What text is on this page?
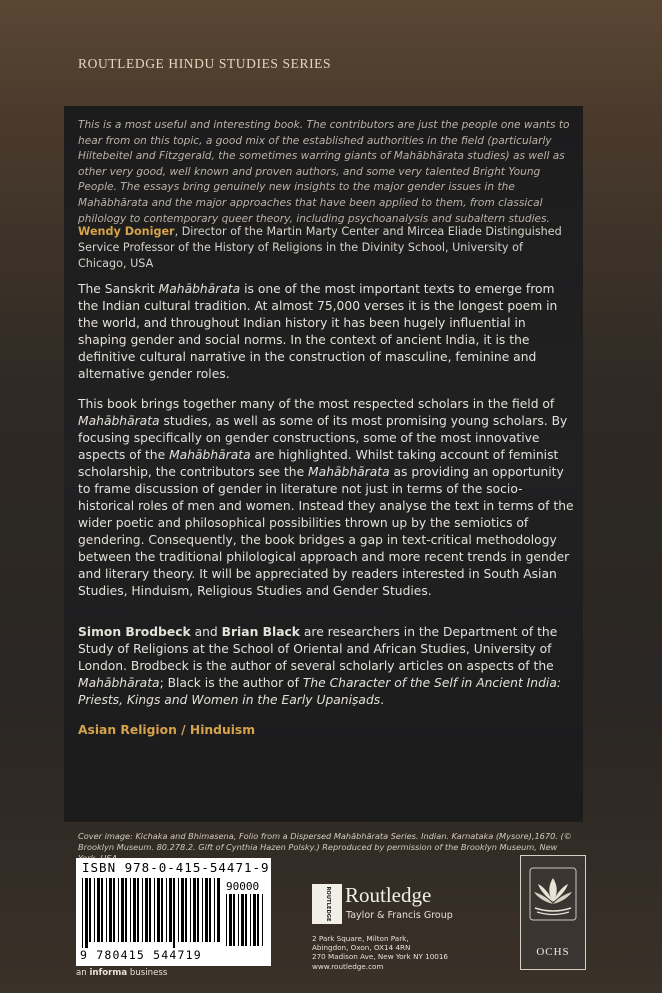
ROUTLEDGE HINDU STUDIES SERIES
This is a most useful and interesting book. The contributors are just the people one wants to hear from on this topic, a good mix of the established authorities in the field (particularly Hiltebeitel and Fitzgerald, the sometimes warring giants of Mahābhārata studies) as well as other very good, well known and proven authors, and some very talented Bright Young People. The essays bring genuinely new insights to the major gender issues in the Mahābhārata and the major approaches that have been applied to them, from classical philology to contemporary queer theory, including psychoanalysis and subaltern studies.
Wendy Doniger, Director of the Martin Marty Center and Mircea Eliade Distinguished Service Professor of the History of Religions in the Divinity School, University of Chicago, USA
The Sanskrit Mahābhārata is one of the most important texts to emerge from the Indian cultural tradition. At almost 75,000 verses it is the longest poem in the world, and throughout Indian history it has been hugely influential in shaping gender and social norms. In the context of ancient India, it is the definitive cultural narrative in the construction of masculine, feminine and alternative gender roles.
This book brings together many of the most respected scholars in the field of Mahābhārata studies, as well as some of its most promising young scholars. By focusing specifically on gender constructions, some of the most innovative aspects of the Mahābhārata are highlighted. Whilst taking account of feminist scholarship, the contributors see the Mahābhārata as providing an opportunity to frame discussion of gender in literature not just in terms of the socio-historical roles of men and women. Instead they analyse the text in terms of the wider poetic and philosophical possibilities thrown up by the semiotics of gendering. Consequently, the book bridges a gap in text-critical methodology between the traditional philological approach and more recent trends in gender and literary theory. It will be appreciated by readers interested in South Asian Studies, Hinduism, Religious Studies and Gender Studies.
Simon Brodbeck and Brian Black are researchers in the Department of the Study of Religions at the School of Oriental and African Studies, University of London. Brodbeck is the author of several scholarly articles on aspects of the Mahābhārata; Black is the author of The Character of the Self in Ancient India: Priests, Kings and Women in the Early Upaniṣads.
Asian Religion / Hinduism
Cover image: Kichaka and Bhimasena, Folio from a Dispersed Mahābhārata Series. Indian. Karnataka (Mysore),1670. (© Brooklyn Museum. 80.278.2. Gift of Cynthia Hazen Polsky.) Reproduced by permission of the Brooklyn Museum, New
ISBN 978-0-415-54471-9
90000
9 780415 544719
an informa business
ROUTLEDGE Routledge
Taylor & Francis Group
2 Park Square, Milton Park,
Abingdon, Oxon, OX14 4RN
270 Madison Ave, New York NY 10016
www.routledge.com
OCHS
